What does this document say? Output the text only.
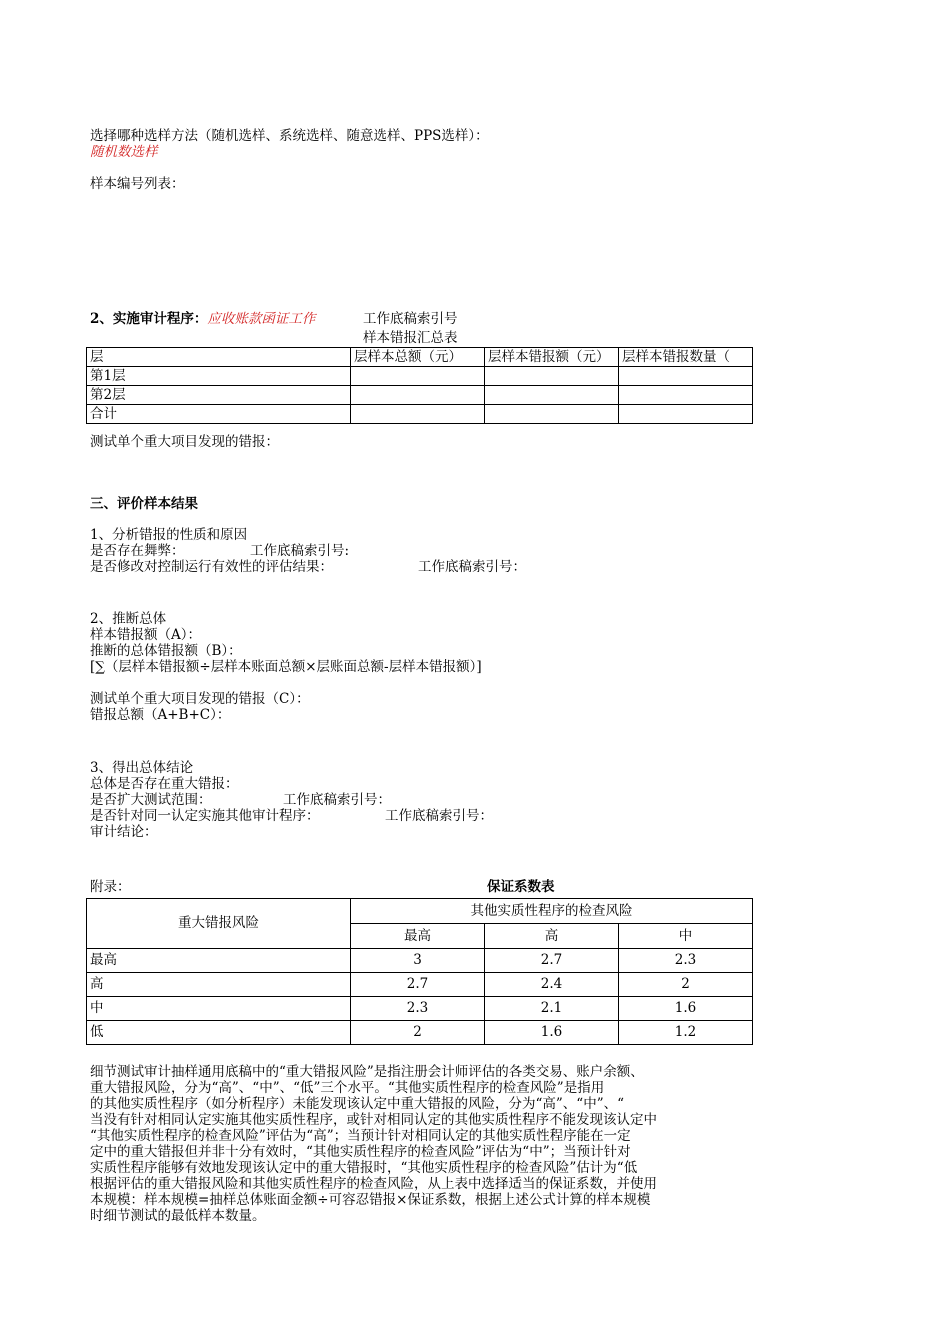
选择哪种选样方法（随机选样、系统选样、随意选样、PPS选样）：
随机数选样
样本编号列表：
2、实施审计程序：应收账款函证工作	工作底稿索引号
样本错报汇总表
层	层样本总额（元）	层样本错报额（元）	层样本错报数量（
第1层			
第2层			
合计			
测试单个重大项目发现的错报：
三、评价样本结果
1、分析错报的性质和原因
是否存在舞弊：	工作底稿索引号:
是否修改对控制运行有效性的评估结果：	工作底稿索引号：
2、推断总体
样本错报额（A）：
推断的总体错报额（B）：
[∑（层样本错报额÷层样本账面总额×层账面总额-层样本错报额）]
测试单个重大项目发现的错报（C）：
错报总额（A+B+C）：
3、得出总体结论
总体是否存在重大错报：
是否扩大测试范围：	工作底稿索引号：
是否针对同一认定实施其他审计程序：	工作底稿索引号：
审计结论：
附录：	保证系数表
重大错报风险	其他实质性程序的检查风险		
	最高	高	中
最高	3	2.7	2.3
高	2.7	2.4	2
中	2.3	2.1	1.6
低	2	1.6	1.2
细节测试审计抽样通用底稿中的“重大错报风险”是指注册会计师评估的各类交易、账户余额、
重大错报风险，分为“高”、“中”、“低”三个水平。“其他实质性程序的检查风险”是指用
的其他实质性程序（如分析程序）未能发现该认定中重大错报的风险，分为“高”、“中”、“
当没有针对相同认定实施其他实质性程序，或针对相同认定的其他实质性程序不能发现该认定中
“其他实质性程序的检查风险”评估为“高”；当预计针对相同认定的其他实质性程序能在一定
定中的重大错报但并非十分有效时，“其他实质性程序的检查风险”评估为“中”；当预计针对
实质性程序能够有效地发现该认定中的重大错报时，“其他实质性程序的检查风险”估计为“低
根据评估的重大错报风险和其他实质性程序的检查风险，从上表中选择适当的保证系数，并使用
本规模：样本规模=抽样总体账面金额÷可容忍错报×保证系数，根据上述公式计算的样本规模
时细节测试的最低样本数量。
